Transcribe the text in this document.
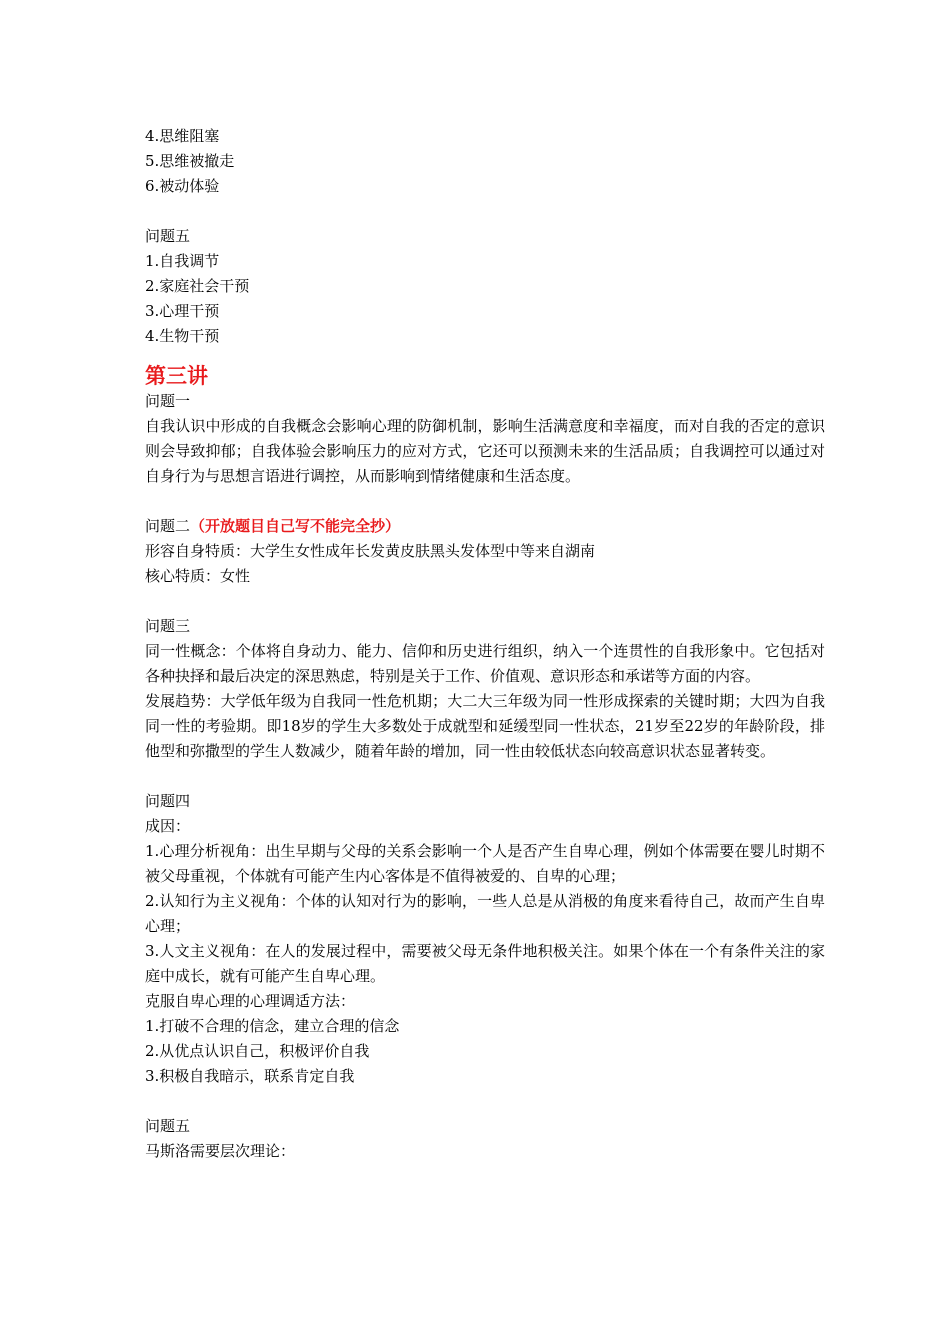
4.思维阻塞

5.思维被撤走

6.被动体验

问题五

1.自我调节

2.家庭社会干预

3.心理干预

4.生物干预

第三讲

问题一

自我认识中形成的自我概念会影响心理的防御机制，影响生活满意度和幸福度，而对自我的否定的意识则会导致抑郁；自我体验会影响压力的应对方式，它还可以预测未来的生活品质；自我调控可以通过对自身行为与思想言语进行调控，从而影响到情绪健康和生活态度。

问题二（开放题目自己写不能完全抄）

形容自身特质：大学生女性成年长发黄皮肤黑头发体型中等来自湖南

核心特质：女性

问题三

同一性概念：个体将自身动力、能力、信仰和历史进行组织，纳入一个连贯性的自我形象中。它包括对各种抉择和最后决定的深思熟虑，特别是关于工作、价值观、意识形态和承诺等方面的内容。

发展趋势：大学低年级为自我同一性危机期；大二大三年级为同一性形成探索的关键时期；大四为自我同一性的考验期。即18岁的学生大多数处于成就型和延缓型同一性状态，21岁至22岁的年龄阶段，排他型和弥撒型的学生人数减少，随着年龄的增加，同一性由较低状态向较高意识状态显著转变。

问题四

成因：

1.心理分析视角：出生早期与父母的关系会影响一个人是否产生自卑心理，例如个体需要在婴儿时期不被父母重视，个体就有可能产生内心客体是不值得被爱的、自卑的心理；

2.认知行为主义视角：个体的认知对行为的影响，一些人总是从消极的角度来看待自己，故而产生自卑心理；

3.人文主义视角：在人的发展过程中，需要被父母无条件地积极关注。如果个体在一个有条件关注的家庭中成长，就有可能产生自卑心理。

克服自卑心理的心理调适方法：

1.打破不合理的信念，建立合理的信念

2.从优点认识自己，积极评价自我

3.积极自我暗示，联系肯定自我

问题五

马斯洛需要层次理论：
